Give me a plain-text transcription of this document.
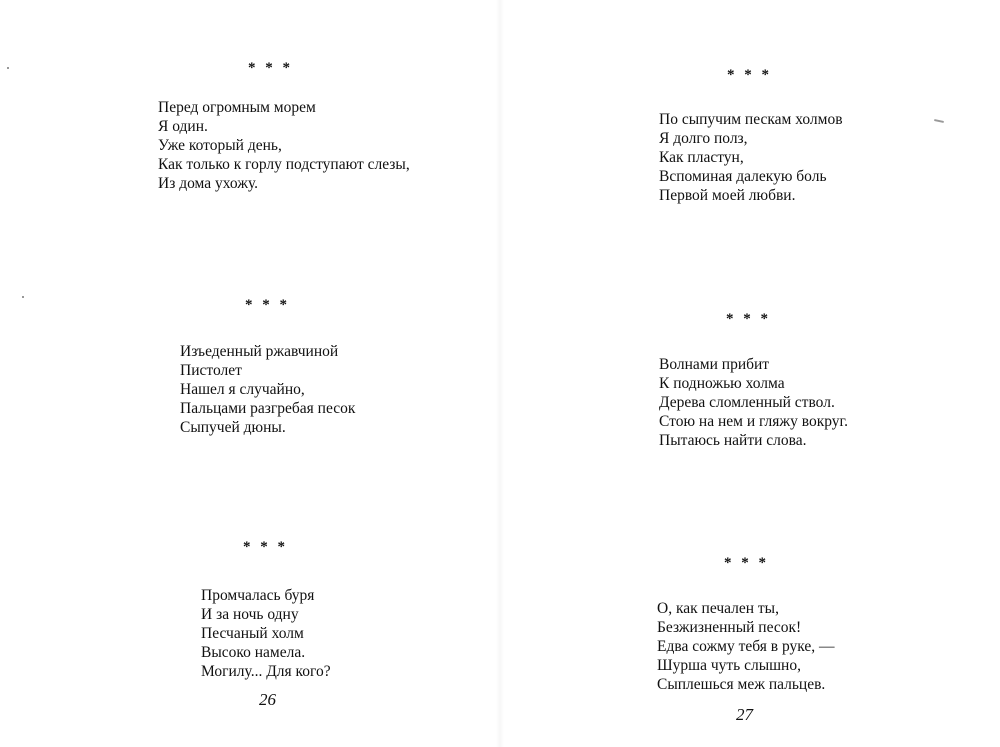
* * *
Перед огромным морем
Я один.
Уже который день,
Как только к горлу подступают слезы,
Из дома ухожу.
* * *
Изъеденный ржавчиной
Пистолет
Нашел я случайно,
Пальцами разгребая песок
Сыпучей дюны.
* * *
Промчалась буря
И за ночь одну
Песчаный холм
Высоко намела.
Могилу... Для кого?
26
* * *
По сыпучим пескам холмов
Я долго полз,
Как пластун,
Вспоминая далекую боль
Первой моей любви.
* * *
Волнами прибит
К подножью холма
Дерева сломленный ствол.
Стою на нем и гляжу вокруг.
Пытаюсь найти слова.
* * *
О, как печален ты,
Безжизненный песок!
Едва сожму тебя в руке, —
Шурша чуть слышно,
Сыплешься меж пальцев.
27
